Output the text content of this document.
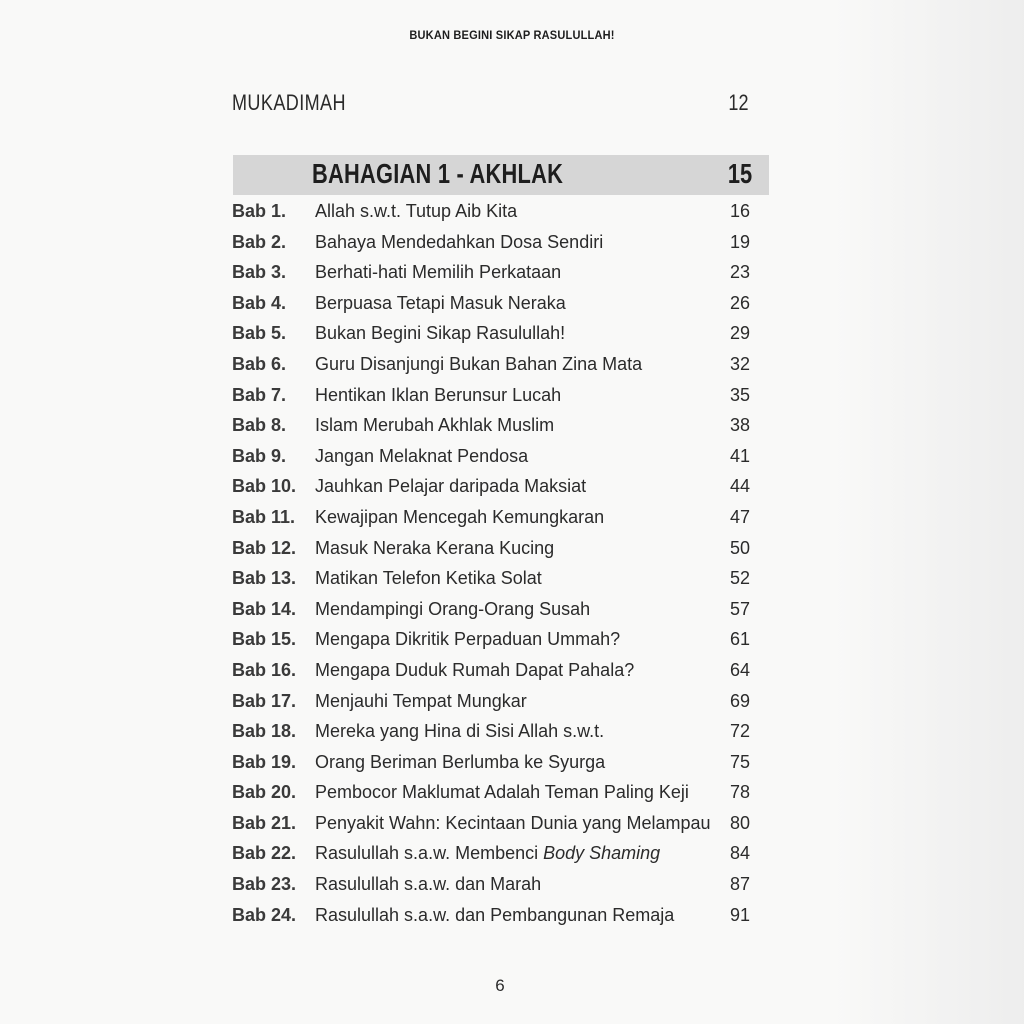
BUKAN BEGINI SIKAP RASULULLAH!
MUKADIMAH	12
BAHAGIAN 1 - AKHLAK	15
Bab 1. Allah s.w.t. Tutup Aib Kita	16
Bab 2. Bahaya Mendedahkan Dosa Sendiri	19
Bab 3. Berhati-hati Memilih Perkataan	23
Bab 4. Berpuasa Tetapi Masuk Neraka	26
Bab 5. Bukan Begini Sikap Rasulullah!	29
Bab 6. Guru Disanjungi Bukan Bahan Zina Mata	32
Bab 7. Hentikan Iklan Berunsur Lucah	35
Bab 8. Islam Merubah Akhlak Muslim	38
Bab 9. Jangan Melaknat Pendosa	41
Bab 10. Jauhkan Pelajar daripada Maksiat	44
Bab 11. Kewajipan Mencegah Kemungkaran	47
Bab 12. Masuk Neraka Kerana Kucing	50
Bab 13. Matikan Telefon Ketika Solat	52
Bab 14. Mendampingi Orang-Orang Susah	57
Bab 15. Mengapa Dikritik Perpaduan Ummah?	61
Bab 16. Mengapa Duduk Rumah Dapat Pahala?	64
Bab 17. Menjauhi Tempat Mungkar	69
Bab 18. Mereka yang Hina di Sisi Allah s.w.t.	72
Bab 19. Orang Beriman Berlumba ke Syurga	75
Bab 20. Pembocor Maklumat Adalah Teman Paling Keji 78
Bab 21. Penyakit Wahn: Kecintaan Dunia yang Melampau 80
Bab 22. Rasulullah s.a.w. Membenci Body Shaming	84
Bab 23. Rasulullah s.a.w. dan Marah	87
Bab 24. Rasulullah s.a.w. dan Pembangunan Remaja	91
6
